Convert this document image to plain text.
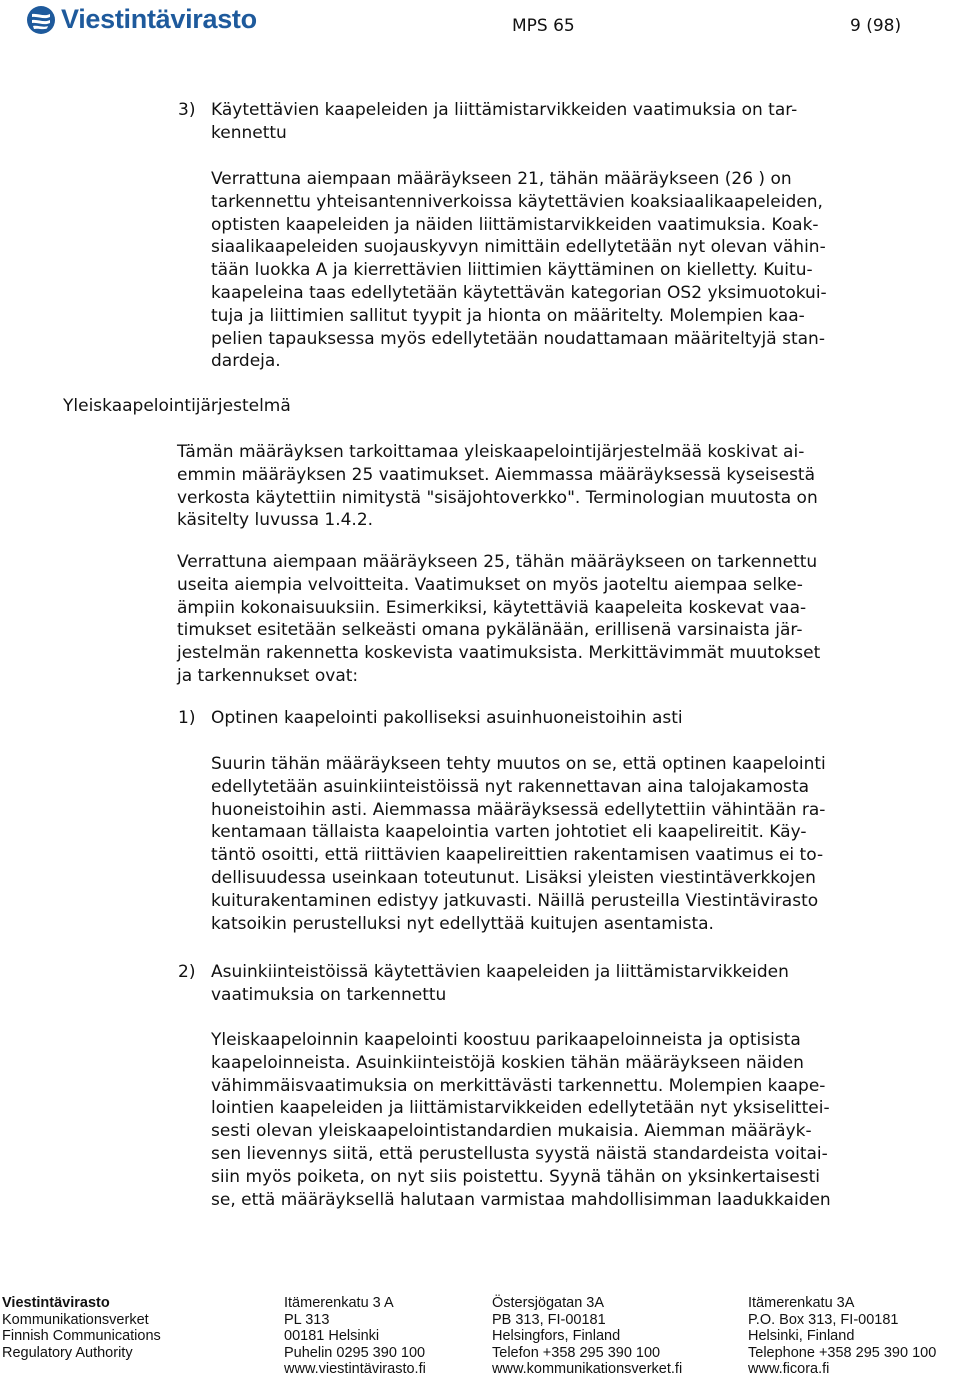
Viestintävirasto	MPS 65	9 (98)
3) Käytettävien kaapeleiden ja liittämistarvikkeiden vaatimuksia on tar-
kennettu
Verrattuna aiempaan määräykseen 21, tähän määräykseen (26 ) on
tarkennettu yhteisantenniverkoissa käytettävien koaksiaalikaapeleiden,
optisten kaapeleiden ja näiden liittämistarvikkeiden vaatimuksia. Koak-
siaalikaapeleiden suojauskyvyn nimittäin edellytetään nyt olevan vähin-
tään luokka A ja kierrettävien liittimien käyttäminen on kielletty. Kuitu-
kaapeleina taas edellytetään käytettävän kategorian OS2 yksimuotokui-
tuja ja liittimien sallitut tyypit ja hionta on määritelty. Molempien kaa-
pelien tapauksessa myös edellytetään noudattamaan määriteltyjä stan-
dardeja.
Yleiskaapelointijärjestelmä
Tämän määräyksen tarkoittamaa yleiskaapelointijärjestelmää koskivat ai-
emmin määräyksen 25 vaatimukset. Aiemmassa määräyksessä kyseisestä
verkosta käytettiin nimitystä "sisäjohtoverkko". Terminologian muutosta on
käsitelty luvussa 1.4.2.
Verrattuna aiempaan määräykseen 25, tähän määräykseen on tarkennettu
useita aiempia velvoitteita. Vaatimukset on myös jaoteltu aiempaa selke-
ämpiin kokonaisuuksiin. Esimerkiksi, käytettäviä kaapeleita koskevat vaa-
timukset esitetään selkeästi omana pykälänään, erillisenä varsinaista jär-
jestelmän rakennetta koskevista vaatimuksista. Merkittävimmät muutokset
ja tarkennukset ovat:
1) Optinen kaapelointi pakolliseksi asuinhuoneistoihin asti
Suurin tähän määräykseen tehty muutos on se, että optinen kaapelointi
edellytetään asuinkiinteistöissä nyt rakennettavan aina talojakamosta
huoneistoihin asti. Aiemmassa määräyksessä edellytettiin vähintään ra-
kentamaan tällaista kaapelointia varten johtotiet eli kaapelireitit. Käy-
täntö osoitti, että riittävien kaapelireittien rakentamisen vaatimus ei to-
dellisuudessa useinkaan toteutunut. Lisäksi yleisten viestintäverkkojen
kuiturakentaminen edistyy jatkuvasti. Näillä perusteilla Viestintävirasto
katsoikin perustelluksi nyt edellyttää kuitujen asentamista.
2) Asuinkiinteistöissä käytettävien kaapeleiden ja liittämistarvikkeiden
vaatimuksia on tarkennettu
Yleiskaapeloinnin kaapelointi koostuu parikaapeloinneista ja optisista
kaapeloinneista. Asuinkiinteistöjä koskien tähän määräykseen näiden
vähimmäisvaatimuksia on merkittävästi tarkennettu. Molempien kaape-
lointien kaapeleiden ja liittämistarvikkeiden edellytetään nyt yksiselittei-
sesti olevan yleiskaapelointistandardien mukaisia. Aiemman määräyk-
sen lievennys siitä, että perustellusta syystä näistä standardeista voitai-
siin myös poiketa, on nyt siis poistettu. Syynä tähän on yksinkertaisesti
se, että määräyksellä halutaan varmistaa mahdollisimman laadukkaiden
Viestintävirasto
Kommunikationsverket
Finnish Communications
Regulatory Authority
Itämerenkatu 3 A
PL 313
00181 Helsinki
Puhelin 0295 390 100
www.viestintävirasto.fi
Östersjögatan 3A
PB 313, FI-00181
Helsingfors, Finland
Telefon +358 295 390 100
www.kommunikationsverket.fi
Itämerenkatu 3A
P.O. Box 313, FI-00181
Helsinki, Finland
Telephone +358 295 390 100
www.ficora.fi
